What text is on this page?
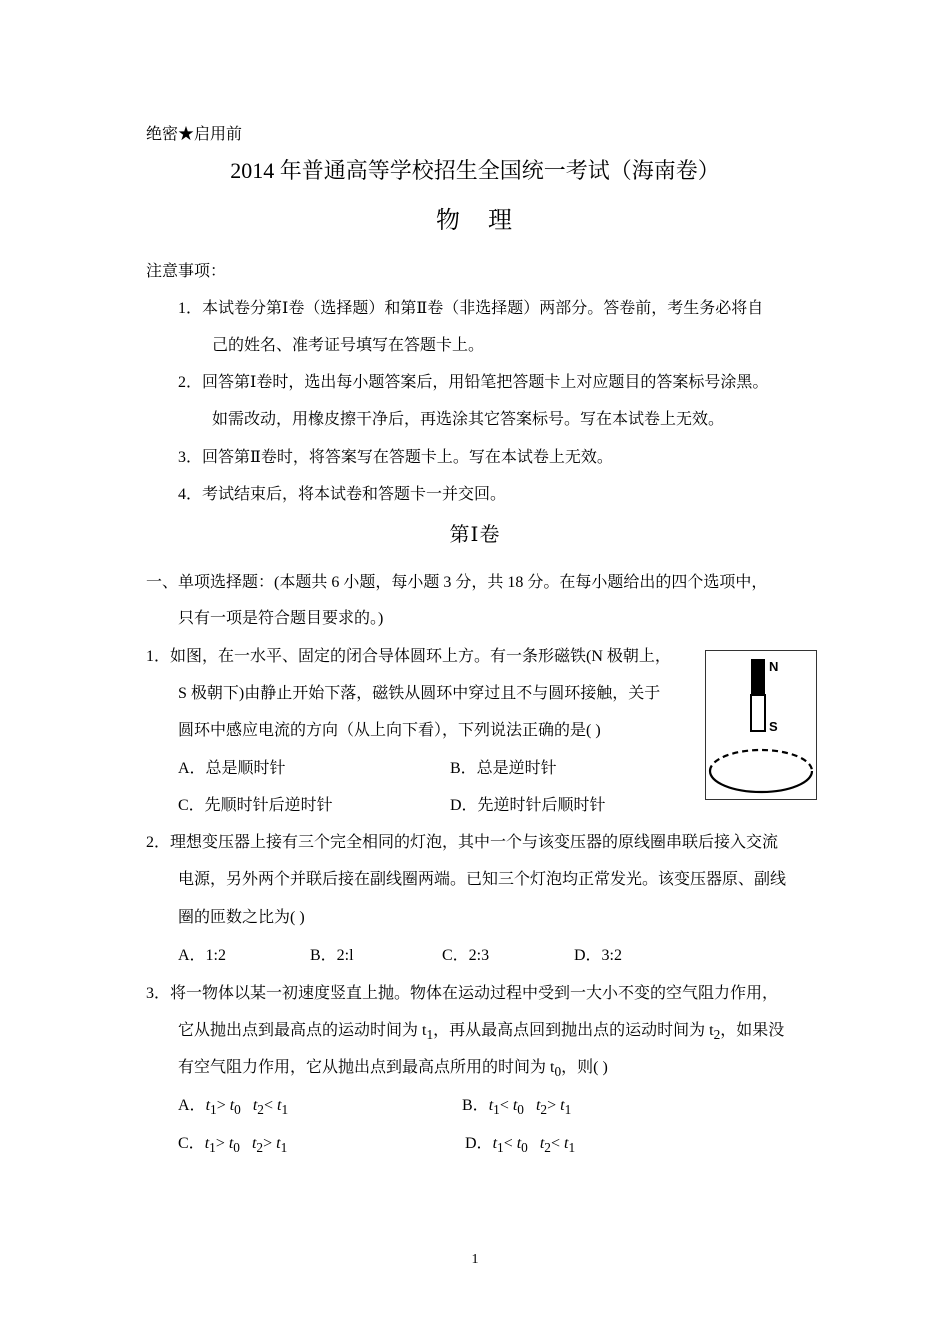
绝密★启用前
2014 年普通高等学校招生全国统一考试（海南卷）
物　理
注意事项：
1．本试卷分第Ⅰ卷（选择题）和第Ⅱ卷（非选择题）两部分。答卷前，考生务必将自
己的姓名、准考证号填写在答题卡上。
2．回答第Ⅰ卷时，选出每小题答案后，用铅笔把答题卡上对应题目的答案标号涂黑。
如需改动，用橡皮擦干净后，再选涂其它答案标号。写在本试卷上无效。
3．回答第Ⅱ卷时，将答案写在答题卡上。写在本试卷上无效。
4．考试结束后，将本试卷和答题卡一并交回。
第Ⅰ卷
一、单项选择题：(本题共 6 小题，每小题 3 分，共 18 分。在每小题给出的四个选项中，
只有一项是符合题目要求的。)
1．如图，在一水平、固定的闭合导体圆环上方。有一条形磁铁(N 极朝上，
S 极朝下)由静止开始下落，磁铁从圆环中穿过且不与圆环接触，关于
圆环中感应电流的方向（从上向下看），下列说法正确的是( )
A．总是顺时针	B．总是逆时针
C．先顺时针后逆时针	D．先逆时针后顺时针
N
S
2．理想变压器上接有三个完全相同的灯泡，其中一个与该变压器的原线圈串联后接入交流
电源，另外两个并联后接在副线圈两端。已知三个灯泡均正常发光。该变压器原、副线
圈的匝数之比为( )
A．1:2	B．2:l	C．2:3	D．3:2
3．将一物体以某一初速度竖直上抛。物体在运动过程中受到一大小不变的空气阻力作用，
它从抛出点到最高点的运动时间为 $t_1$，再从最高点回到抛出点的运动时间为 $t_2$，如果没
有空气阻力作用，它从抛出点到最高点所用的时间为 $t_0$，则( )
A．$t_1> t_0$ $t_2< t_1$	B．$t_1< t_0$ $t_2> t_1$
C．$t_1> t_0$ $t_2> t_1$	D．$t_1< t_0$ $t_2< t_1$
1
